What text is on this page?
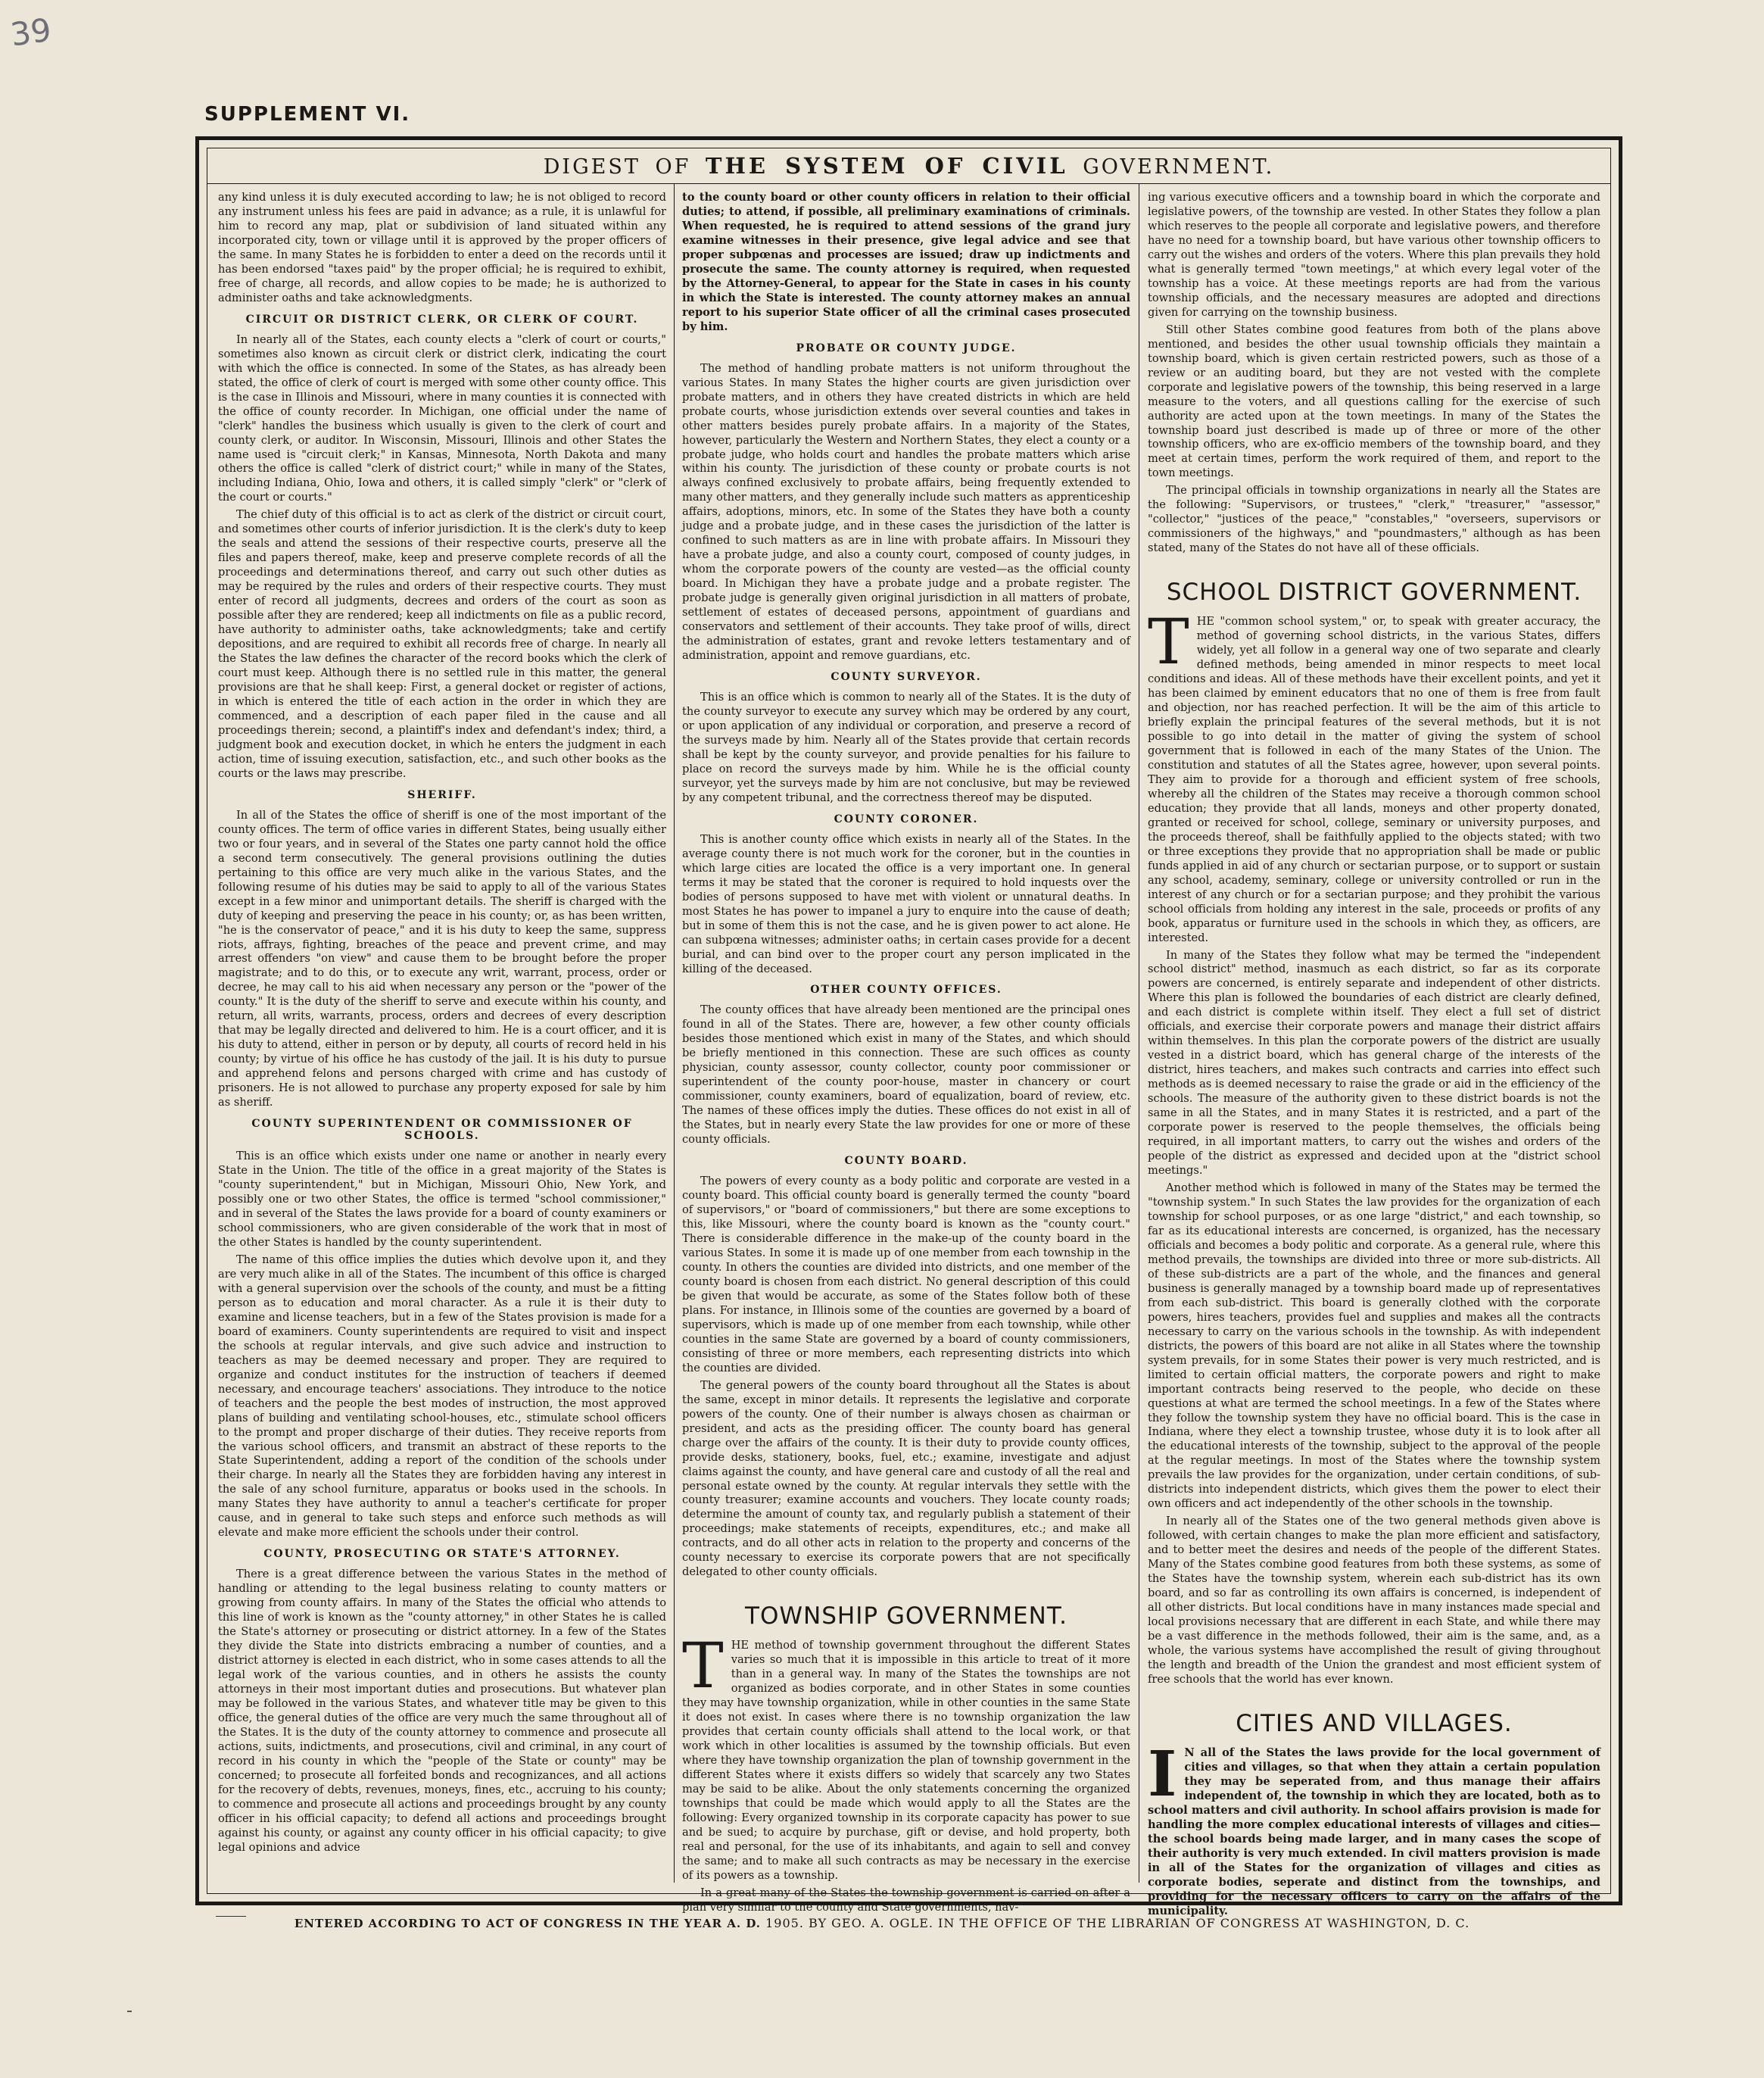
39
SUPPLEMENT VI.
DIGEST OF THE SYSTEM OF CIVIL GOVERNMENT.

any kind unless it is duly executed according to law; he is not obliged to record any instrument unless his fees are paid in advance; as a rule, it is unlawful for him to record any map, plat or subdivision of land situated within any incorporated city, town or village until it is approved by the proper officers of the same. In many States he is forbidden to enter a deed on the records until it has been endorsed "taxes paid" by the proper official; he is required to exhibit, free of charge, all records, and allow copies to be made; he is authorized to administer oaths and take acknowledgments.

CIRCUIT OR DISTRICT CLERK, OR CLERK OF COURT.

In nearly all of the States, each county elects a "clerk of court or courts," sometimes also known as circuit clerk or district clerk, indicating the court with which the office is connected. In some of the States, as has already been stated, the office of clerk of court is merged with some other county office. This is the case in Illinois and Missouri, where in many counties it is connected with the office of county recorder. In Michigan, one official under the name of "clerk" handles the business which usually is given to the clerk of court and county clerk, or auditor. In Wisconsin, Missouri, Illinois and other States the name used is "circuit clerk;" in Kansas, Minnesota, North Dakota and many others the office is called "clerk of district court;" while in many of the States, including Indiana, Ohio, Iowa and others, it is called simply "clerk" or "clerk of the court or courts."

The chief duty of this official is to act as clerk of the district or circuit court, and sometimes other courts of inferior jurisdiction. It is the clerk's duty to keep the seals and attend the sessions of their respective courts, preserve all the files and papers thereof, make, keep and preserve complete records of all the proceedings and determinations thereof, and carry out such other duties as may be required by the rules and orders of their respective courts. They must enter of record all judgments, decrees and orders of the court as soon as possible after they are rendered; keep all indictments on file as a public record, have authority to administer oaths, take acknowledgments; take and certify depositions, and are required to exhibit all records free of charge. In nearly all the States the law defines the character of the record books which the clerk of court must keep. Although there is no settled rule in this matter, the general provisions are that he shall keep: First, a general docket or register of actions, in which is entered the title of each action in the order in which they are commenced, and a description of each paper filed in the cause and all proceedings therein; second, a plaintiff's index and defendant's index; third, a judgment book and execution docket, in which he enters the judgment in each action, time of issuing execution, satisfaction, etc., and such other books as the courts or the laws may prescribe.

SHERIFF.

In all of the States the office of sheriff is one of the most important of the county offices. The term of office varies in different States, being usually either two or four years, and in several of the States one party cannot hold the office a second term consecutively. The general provisions outlining the duties pertaining to this office are very much alike in the various States, and the following resume of his duties may be said to apply to all of the various States except in a few minor and unimportant details. The sheriff is charged with the duty of keeping and preserving the peace in his county; or, as has been written, "he is the conservator of peace," and it is his duty to keep the same, suppress riots, affrays, fighting, breaches of the peace and prevent crime, and may arrest offenders "on view" and cause them to be brought before the proper magistrate; and to do this, or to execute any writ, warrant, process, order or decree, he may call to his aid when necessary any person or the "power of the county." It is the duty of the sheriff to serve and execute within his county, and return, all writs, warrants, process, orders and decrees of every description that may be legally directed and delivered to him. He is a court officer, and it is his duty to attend, either in person or by deputy, all courts of record held in his county; by virtue of his office he has custody of the jail. It is his duty to pursue and apprehend felons and persons charged with crime and has custody of prisoners. He is not allowed to purchase any property exposed for sale by him as sheriff.

COUNTY SUPERINTENDENT OR COMMISSIONER OF SCHOOLS.

This is an office which exists under one name or another in nearly every State in the Union. The title of the office in a great majority of the States is "county superintendent," but in Michigan, Missouri Ohio, New York, and possibly one or two other States, the office is termed "school commissioner," and in several of the States the laws provide for a board of county examiners or school commissioners, who are given considerable of the work that in most of the other States is handled by the county superintendent.

The name of this office implies the duties which devolve upon it, and they are very much alike in all of the States. The incumbent of this office is charged with a general supervision over the schools of the county, and must be a fitting person as to education and moral character. As a rule it is their duty to examine and license teachers, but in a few of the States provision is made for a board of examiners. County superintendents are required to visit and inspect the schools at regular intervals, and give such advice and instruction to teachers as may be deemed necessary and proper. They are required to organize and conduct institutes for the instruction of teachers if deemed necessary, and encourage teachers' associations. They introduce to the notice of teachers and the people the best modes of instruction, the most approved plans of building and ventilating school-houses, etc., stimulate school officers to the prompt and proper discharge of their duties. They receive reports from the various school officers, and transmit an abstract of these reports to the State Superintendent, adding a report of the condition of the schools under their charge. In nearly all the States they are forbidden having any interest in the sale of any school furniture, apparatus or books used in the schools. In many States they have authority to annul a teacher's certificate for proper cause, and in general to take such steps and enforce such methods as will elevate and make more efficient the schools under their control.

COUNTY, PROSECUTING OR STATE'S ATTORNEY.

There is a great difference between the various States in the method of handling or attending to the legal business relating to county matters or growing from county affairs. In many of the States the official who attends to this line of work is known as the "county attorney," in other States he is called the State's attorney or prosecuting or district attorney. In a few of the States they divide the State into districts embracing a number of counties, and a district attorney is elected in each district, who in some cases attends to all the legal work of the various counties, and in others he assists the county attorneys in their most important duties and prosecutions. But whatever plan may be followed in the various States, and whatever title may be given to this office, the general duties of the office are very much the same throughout all of the States. It is the duty of the county attorney to commence and prosecute all actions, suits, indictments, and prosecutions, civil and criminal, in any court of record in his county in which the "people of the State or county" may be concerned; to prosecute all forfeited bonds and recognizances, and all actions for the recovery of debts, revenues, moneys, fines, etc., accruing to his county; to commence and prosecute all actions and proceedings brought by any county officer in his official capacity; to defend all actions and proceedings brought against his county, or against any county officer in his official capacity; to give legal opinions and advice

to the county board or other county officers in relation to their official duties; to attend, if possible, all preliminary examinations of criminals. When requested, he is required to attend sessions of the grand jury examine witnesses in their presence, give legal advice and see that proper subpœnas and processes are issued; draw up indictments and prosecute the same. The county attorney is required, when requested by the Attorney-General, to appear for the State in cases in his county in which the State is interested. The county attorney makes an annual report to his superior State officer of all the criminal cases prosecuted by him.

PROBATE OR COUNTY JUDGE.

The method of handling probate matters is not uniform throughout the various States. In many States the higher courts are given jurisdiction over probate matters, and in others they have created districts in which are held probate courts, whose jurisdiction extends over several counties and takes in other matters besides purely probate affairs. In a majority of the States, however, particularly the Western and Northern States, they elect a county or a probate judge, who holds court and handles the probate matters which arise within his county. The jurisdiction of these county or probate courts is not always confined exclusively to probate affairs, being frequently extended to many other matters, and they generally include such matters as apprenticeship affairs, adoptions, minors, etc. In some of the States they have both a county judge and a probate judge, and in these cases the jurisdiction of the latter is confined to such matters as are in line with probate affairs. In Missouri they have a probate judge, and also a county court, composed of county judges, in whom the corporate powers of the county are vested—as the official county board. In Michigan they have a probate judge and a probate register. The probate judge is generally given original jurisdiction in all matters of probate, settlement of estates of deceased persons, appointment of guardians and conservators and settlement of their accounts. They take proof of wills, direct the administration of estates, grant and revoke letters testamentary and of administration, appoint and remove guardians, etc.

COUNTY SURVEYOR.

This is an office which is common to nearly all of the States. It is the duty of the county surveyor to execute any survey which may be ordered by any court, or upon application of any individual or corporation, and preserve a record of the surveys made by him. Nearly all of the States provide that certain records shall be kept by the county surveyor, and provide penalties for his failure to place on record the surveys made by him. While he is the official county surveyor, yet the surveys made by him are not conclusive, but may be reviewed by any competent tribunal, and the correctness thereof may be disputed.

COUNTY CORONER.

This is another county office which exists in nearly all of the States. In the average county there is not much work for the coroner, but in the counties in which large cities are located the office is a very important one. In general terms it may be stated that the coroner is required to hold inquests over the bodies of persons supposed to have met with violent or unnatural deaths. In most States he has power to impanel a jury to enquire into the cause of death; but in some of them this is not the case, and he is given power to act alone. He can subpœna witnesses; administer oaths; in certain cases provide for a decent burial, and can bind over to the proper court any person implicated in the killing of the deceased.

OTHER COUNTY OFFICES.

The county offices that have already been mentioned are the principal ones found in all of the States. There are, however, a few other county officials besides those mentioned which exist in many of the States, and which should be briefly mentioned in this connection. These are such offices as county physician, county assessor, county collector, county poor commissioner or superintendent of the county poor-house, master in chancery or court commissioner, county examiners, board of equalization, board of review, etc. The names of these offices imply the duties. These offices do not exist in all of the States, but in nearly every State the law provides for one or more of these county officials.

COUNTY BOARD.

The powers of every county as a body politic and corporate are vested in a county board. This official county board is generally termed the county "board of supervisors," or "board of commissioners," but there are some exceptions to this, like Missouri, where the county board is known as the "county court." There is considerable difference in the make-up of the county board in the various States. In some it is made up of one member from each township in the county. In others the counties are divided into districts, and one member of the county board is chosen from each district. No general description of this could be given that would be accurate, as some of the States follow both of these plans. For instance, in Illinois some of the counties are governed by a board of supervisors, which is made up of one member from each township, while other counties in the same State are governed by a board of county commissioners, consisting of three or more members, each representing districts into which the counties are divided.

The general powers of the county board throughout all the States is about the same, except in minor details. It represents the legislative and corporate powers of the county. One of their number is always chosen as chairman or president, and acts as the presiding officer. The county board has general charge over the affairs of the county. It is their duty to provide county offices, provide desks, stationery, books, fuel, etc.; examine, investigate and adjust claims against the county, and have general care and custody of all the real and personal estate owned by the county. At regular intervals they settle with the county treasurer; examine accounts and vouchers. They locate county roads; determine the amount of county tax, and regularly publish a statement of their proceedings; make statements of receipts, expenditures, etc.; and make all contracts, and do all other acts in relation to the property and concerns of the county necessary to exercise its corporate powers that are not specifically delegated to other county officials.

TOWNSHIP GOVERNMENT.

THE method of township government throughout the different States varies so much that it is impossible in this article to treat of it more than in a general way. In many of the States the townships are not organized as bodies corporate, and in other States in some counties they may have township organization, while in other counties in the same State it does not exist. In cases where there is no township organization the law provides that certain county officials shall attend to the local work, or that work which in other localities is assumed by the township officials. But even where they have township organization the plan of township government in the different States where it exists differs so widely that scarcely any two States may be said to be alike. About the only statements concerning the organized townships that could be made which would apply to all the States are the following: Every organized township in its corporate capacity has power to sue and be sued; to acquire by purchase, gift or devise, and hold property, both real and personal, for the use of its inhabitants, and again to sell and convey the same; and to make all such contracts as may be necessary in the exercise of its powers as a township.

In a great many of the States the township government is carried on after a plan very similar to the county and State governments, hav-

ing various executive officers and a township board in which the corporate and legislative powers, of the township are vested. In other States they follow a plan which reserves to the people all corporate and legislative powers, and therefore have no need for a township board, but have various other township officers to carry out the wishes and orders of the voters. Where this plan prevails they hold what is generally termed "town meetings," at which every legal voter of the township has a voice. At these meetings reports are had from the various township officials, and the necessary measures are adopted and directions given for carrying on the township business.

Still other States combine good features from both of the plans above mentioned, and besides the other usual township officials they maintain a township board, which is given certain restricted powers, such as those of a review or an auditing board, but they are not vested with the complete corporate and legislative powers of the township, this being reserved in a large measure to the voters, and all questions calling for the exercise of such authority are acted upon at the town meetings. In many of the States the township board just described is made up of three or more of the other township officers, who are ex-officio members of the township board, and they meet at certain times, perform the work required of them, and report to the town meetings.

The principal officials in township organizations in nearly all the States are the following: "Supervisors, or trustees," "clerk," "treasurer," "assessor," "collector," "justices of the peace," "constables," "overseers, supervisors or commissioners of the highways," and "poundmasters," although as has been stated, many of the States do not have all of these officials.

SCHOOL DISTRICT GOVERNMENT.

THE "common school system," or, to speak with greater accuracy, the method of governing school districts, in the various States, differs widely, yet all follow in a general way one of two separate and clearly defined methods, being amended in minor respects to meet local conditions and ideas. All of these methods have their excellent points, and yet it has been claimed by eminent educators that no one of them is free from fault and objection, nor has reached perfection. It will be the aim of this article to briefly explain the principal features of the several methods, but it is not possible to go into detail in the matter of giving the system of school government that is followed in each of the many States of the Union. The constitution and statutes of all the States agree, however, upon several points. They aim to provide for a thorough and efficient system of free schools, whereby all the children of the States may receive a thorough common school education; they provide that all lands, moneys and other property donated, granted or received for school, college, seminary or university purposes, and the proceeds thereof, shall be faithfully applied to the objects stated; with two or three exceptions they provide that no appropriation shall be made or public funds applied in aid of any church or sectarian purpose, or to support or sustain any school, academy, seminary, college or university controlled or run in the interest of any church or for a sectarian purpose; and they prohibit the various school officials from holding any interest in the sale, proceeds or profits of any book, apparatus or furniture used in the schools in which they, as officers, are interested.

In many of the States they follow what may be termed the "independent school district" method, inasmuch as each district, so far as its corporate powers are concerned, is entirely separate and independent of other districts. Where this plan is followed the boundaries of each district are clearly defined, and each district is complete within itself. They elect a full set of district officials, and exercise their corporate powers and manage their district affairs within themselves. In this plan the corporate powers of the district are usually vested in a district board, which has general charge of the interests of the district, hires teachers, and makes such contracts and carries into effect such methods as is deemed necessary to raise the grade or aid in the efficiency of the schools. The measure of the authority given to these district boards is not the same in all the States, and in many States it is restricted, and a part of the corporate power is reserved to the people themselves, the officials being required, in all important matters, to carry out the wishes and orders of the people of the district as expressed and decided upon at the "district school meetings."

Another method which is followed in many of the States may be termed the "township system." In such States the law provides for the organization of each township for school purposes, or as one large "district," and each township, so far as its educational interests are concerned, is organized, has the necessary officials and becomes a body politic and corporate. As a general rule, where this method prevails, the townships are divided into three or more sub-districts. All of these sub-districts are a part of the whole, and the finances and general business is generally managed by a township board made up of representatives from each sub-district. This board is generally clothed with the corporate powers, hires teachers, provides fuel and supplies and makes all the contracts necessary to carry on the various schools in the township. As with independent districts, the powers of this board are not alike in all States where the township system prevails, for in some States their power is very much restricted, and is limited to certain official matters, the corporate powers and right to make important contracts being reserved to the people, who decide on these questions at what are termed the school meetings. In a few of the States where they follow the township system they have no official board. This is the case in Indiana, where they elect a township trustee, whose duty it is to look after all the educational interests of the township, subject to the approval of the people at the regular meetings. In most of the States where the township system prevails the law provides for the organization, under certain conditions, of sub-districts into independent districts, which gives them the power to elect their own officers and act independently of the other schools in the township.

In nearly all of the States one of the two general methods given above is followed, with certain changes to make the plan more efficient and satisfactory, and to better meet the desires and needs of the people of the different States. Many of the States combine good features from both these systems, as some of the States have the township system, wherein each sub-district has its own board, and so far as controlling its own affairs is concerned, is independent of all other districts. But local conditions have in many instances made special and local provisions necessary that are different in each State, and while there may be a vast difference in the methods followed, their aim is the same, and, as a whole, the various systems have accomplished the result of giving throughout the length and breadth of the Union the grandest and most efficient system of free schools that the world has ever known.

CITIES AND VILLAGES.

I N all of the States the laws provide for the local government of cities and villages, so that when they attain a certain population they may be seperated from, and thus manage their affairs independent of, the township in which they are located, both as to school matters and civil authority. In school affairs provision is made for handling the more complex educational interests of villages and cities—the school boards being made larger, and in many cases the scope of their authority is very much extended. In civil matters provision is made in all of the States for the organization of villages and cities as corporate bodies, seperate and distinct from the townships, and providing for the necessary officers to carry on the affairs of the municipality.

ENTERED ACCORDING TO ACT OF CONGRESS IN THE YEAR A. D. 1905. BY GEO. A. OGLE. IN THE OFFICE OF THE LIBRARIAN OF CONGRESS AT WASHINGTON, D. C.
